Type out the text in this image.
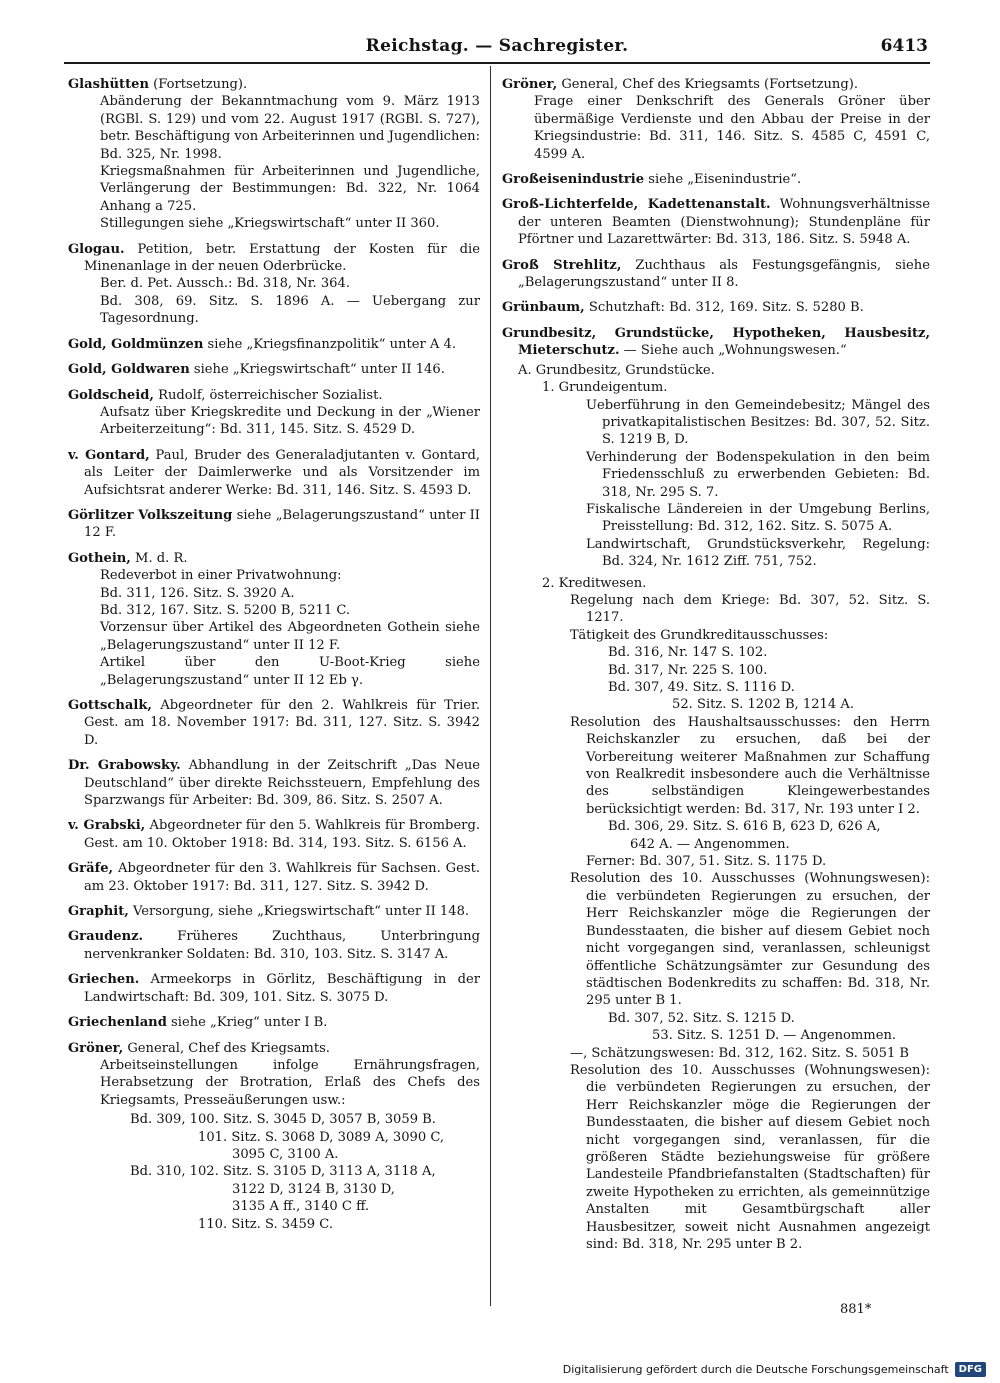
Reichstag. — Sachregister.	6413
Glashütten (Fortsetzung).
Abänderung der Bekanntmachung vom 9. März 1913 (RGBl. S. 129) und vom 22. August 1917 (RGBl. S. 727), betr. Beschäftigung von Arbeiterinnen und Jugendlichen: Bd. 325, Nr. 1998.
Kriegsmaßnahmen für Arbeiterinnen und Jugendliche, Verlängerung der Bestimmungen: Bd. 322, Nr. 1064 Anhang a 725.
Stillegungen siehe „Kriegswirtschaft“ unter II 360.
Glogau. Petition, betr. Erstattung der Kosten für die Minenanlage in der neuen Oderbrücke.
Ber. d. Pet. Aussch.: Bd. 318, Nr. 364.
Bd. 308, 69. Sitz. S. 1896 A. — Uebergang zur Tagesordnung.
Gold, Goldmünzen siehe „Kriegsfinanzpolitik“ unter A 4.
Gold, Goldwaren siehe „Kriegswirtschaft“ unter II 146.
Goldscheid, Rudolf, österreichischer Sozialist.
Aufsatz über Kriegskredite und Deckung in der „Wiener Arbeiterzeitung“: Bd. 311, 145. Sitz. S. 4529 D.
v. Gontard, Paul, Bruder des Generaladjutanten v. Gontard, als Leiter der Daimlerwerke und als Vorsitzender im Aufsichtsrat anderer Werke: Bd. 311, 146. Sitz. S. 4593 D.
Görlitzer Volkszeitung siehe „Belagerungszustand“ unter II 12 F.
Gothein, M. d. R.
Redeverbot in einer Privatwohnung:
Bd. 311, 126. Sitz. S. 3920 A.
Bd. 312, 167. Sitz. S. 5200 B, 5211 C.
Vorzensur über Artikel des Abgeordneten Gothein siehe „Belagerungszustand“ unter II 12 F.
Artikel über den U-Boot-Krieg siehe „Belagerungszustand“ unter II 12 Eb γ.
Gottschalk, Abgeordneter für den 2. Wahlkreis für Trier. Gest. am 18. November 1917: Bd. 311, 127. Sitz. S. 3942 D.
Dr. Grabowsky. Abhandlung in der Zeitschrift „Das Neue Deutschland“ über direkte Reichssteuern, Empfehlung des Sparzwangs für Arbeiter: Bd. 309, 86. Sitz. S. 2507 A.
v. Grabski, Abgeordneter für den 5. Wahlkreis für Bromberg. Gest. am 10. Oktober 1918: Bd. 314, 193. Sitz. S. 6156 A.
Gräfe, Abgeordneter für den 3. Wahlkreis für Sachsen. Gest. am 23. Oktober 1917: Bd. 311, 127. Sitz. S. 3942 D.
Graphit, Versorgung, siehe „Kriegswirtschaft“ unter II 148.
Graudenz. Früheres Zuchthaus, Unterbringung nervenkranker Soldaten: Bd. 310, 103. Sitz. S. 3147 A.
Griechen. Armeekorps in Görlitz, Beschäftigung in der Landwirtschaft: Bd. 309, 101. Sitz. S. 3075 D.
Griechenland siehe „Krieg“ unter I B.
Gröner, General, Chef des Kriegsamts.
Arbeitseinstellungen infolge Ernährungsfragen, Herabsetzung der Brotration, Erlaß des Chefs des Kriegsamts, Presseäußerungen usw.:
Bd. 309, 100. Sitz. S. 3045 D, 3057 B, 3059 B.
101. Sitz. S. 3068 D, 3089 A, 3090 C,
3095 C, 3100 A.
Bd. 310, 102. Sitz. S. 3105 D, 3113 A, 3118 A,
3122 D, 3124 B, 3130 D,
3135 A ff., 3140 C ff.
110. Sitz. S. 3459 C.
Gröner, General, Chef des Kriegsamts (Fortsetzung).
Frage einer Denkschrift des Generals Gröner über übermäßige Verdienste und den Abbau der Preise in der Kriegsindustrie: Bd. 311, 146. Sitz. S. 4585 C, 4591 C, 4599 A.
Großeisenindustrie siehe „Eisenindustrie“.
Groß-Lichterfelde, Kadettenanstalt. Wohnungsverhältnisse der unteren Beamten (Dienstwohnung); Stundenpläne für Pförtner und Lazarettwärter: Bd. 313, 186. Sitz. S. 5948 A.
Groß Strehlitz, Zuchthaus als Festungsgefängnis, siehe „Belagerungszustand“ unter II 8.
Grünbaum, Schutzhaft: Bd. 312, 169. Sitz. S. 5280 B.
Grundbesitz, Grundstücke, Hypotheken, Hausbesitz, Mieterschutz. — Siehe auch „Wohnungswesen.“
A. Grundbesitz, Grundstücke.
1. Grundeigentum.
Ueberführung in den Gemeindebesitz; Mängel des privatkapitalistischen Besitzes: Bd. 307, 52. Sitz. S. 1219 B, D.
Verhinderung der Bodenspekulation in den beim Friedensschluß zu erwerbenden Gebieten: Bd. 318, Nr. 295 S. 7.
Fiskalische Ländereien in der Umgebung Berlins, Preisstellung: Bd. 312, 162. Sitz. S. 5075 A.
Landwirtschaft, Grundstücksverkehr, Regelung: Bd. 324, Nr. 1612 Ziff. 751, 752.
2. Kreditwesen.
Regelung nach dem Kriege: Bd. 307, 52. Sitz. S. 1217.
Tätigkeit des Grundkreditausschusses:
Bd. 316, Nr. 147 S. 102.
Bd. 317, Nr. 225 S. 100.
Bd. 307, 49. Sitz. S. 1116 D.
52. Sitz. S. 1202 B, 1214 A.
Resolution des Haushaltsausschusses: den Herrn Reichskanzler zu ersuchen, daß bei der Vorbereitung weiterer Maßnahmen zur Schaffung von Realkredit insbesondere auch die Verhältnisse des selbständigen Kleingewerbestandes berücksichtigt werden: Bd. 317, Nr. 193 unter I 2.
Bd. 306, 29. Sitz. S. 616 B, 623 D, 626 A,
642 A. — Angenommen.
Ferner: Bd. 307, 51. Sitz. S. 1175 D.
Resolution des 10. Ausschusses (Wohnungswesen): die verbündeten Regierungen zu ersuchen, der Herr Reichskanzler möge die Regierungen der Bundesstaaten, die bisher auf diesem Gebiet noch nicht vorgegangen sind, veranlassen, schleunigst öffentliche Schätzungsämter zur Gesundung des städtischen Bodenkredits zu schaffen: Bd. 318, Nr. 295 unter B 1.
Bd. 307, 52. Sitz. S. 1215 D.
53. Sitz. S. 1251 D. — Angenommen.
—, Schätzungswesen: Bd. 312, 162. Sitz. S. 5051 B
Resolution des 10. Ausschusses (Wohnungswesen): die verbündeten Regierungen zu ersuchen, der Herr Reichskanzler möge die Regierungen der Bundesstaaten, die bisher auf diesem Gebiet noch nicht vorgegangen sind, veranlassen, für die größeren Städte beziehungsweise für größere Landesteile Pfandbriefanstalten (Stadtschaften) für zweite Hypotheken zu errichten, als gemeinnützige Anstalten mit Gesamtbürgschaft aller Hausbesitzer, soweit nicht Ausnahmen angezeigt sind: Bd. 318, Nr. 295 unter B 2.
881*
Digitalisierung gefördert durch die Deutsche Forschungsgemeinschaft	DFG
